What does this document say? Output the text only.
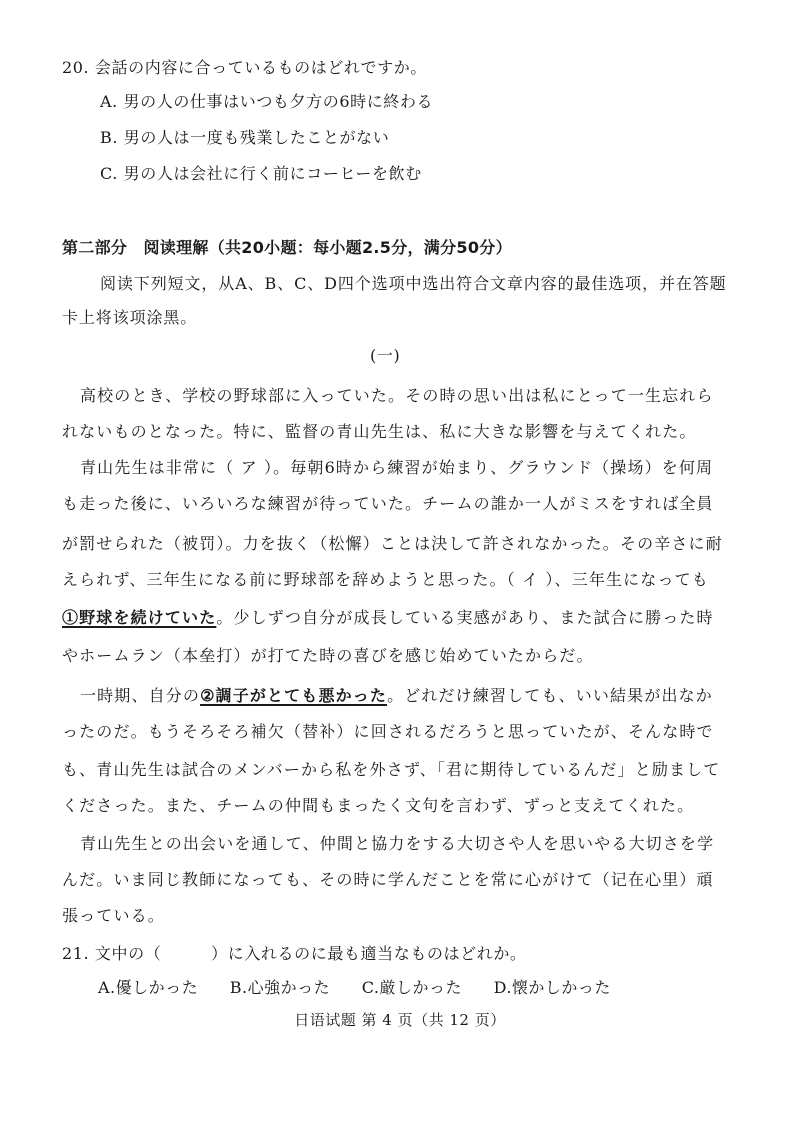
20. 会話の内容に合っているものはどれですか。
A. 男の人の仕事はいつも夕方の6時に終わる
B. 男の人は一度も残業したことがない
C. 男の人は会社に行く前にコーヒーを飲む
第二部分　阅读理解（共20小题：每小题2.5分，满分50分）
阅读下列短文，从A、B、C、D四个选项中选出符合文章内容的最佳选项，并在答题
卡上将该项涂黑。
(一)
高校のとき、学校の野球部に入っていた。その時の思い出は私にとって一生忘れら
れないものとなった。特に、監督の青山先生は、私に大きな影響を与えてくれた。
青山先生は非常に（ ア ）。毎朝6時から練習が始まり、グラウンド（操场）を何周
も走った後に、いろいろな練習が待っていた。チームの誰か一人がミスをすれば全員
が罰せられた（被罚）。力を抜く（松懈）ことは決して許されなかった。その辛さに耐
えられず、三年生になる前に野球部を辞めようと思った。（ イ ）、三年生になっても
①野球を続けていた。少しずつ自分が成長している実感があり、また試合に勝った時
やホームラン（本垒打）が打てた時の喜びを感じ始めていたからだ。
一時期、自分の②調子がとても悪かった。どれだけ練習しても、いい結果が出なか
ったのだ。もうそろそろ補欠（替补）に回されるだろうと思っていたが、そんな時で
も、青山先生は試合のメンバーから私を外さず、「君に期待しているんだ」と励まして
くださった。また、チームの仲間もまったく文句を言わず、ずっと支えてくれた。
青山先生との出会いを通して、仲間と協力をする大切さや人を思いやる大切さを学
んだ。いま同じ教師になっても、その時に学んだことを常に心がけて（记在心里）頑
張っている。
21. 文中の（　　　）に入れるのに最も適当なものはどれか。
A.優しかった B.心強かった C.厳しかった D.懐かしかった
日语试题 第 4 页（共 12 页）
